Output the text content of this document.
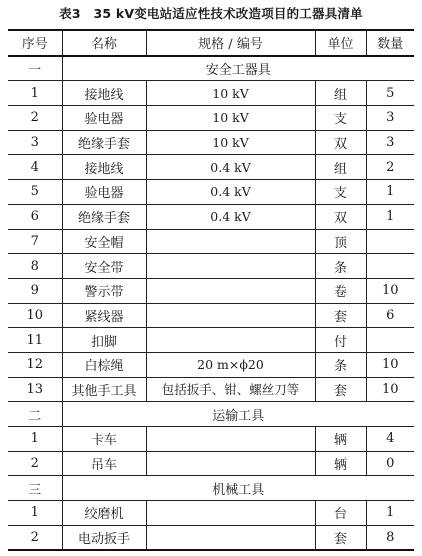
表3　35 kV变电站适应性技术改造项目的工器具清单
序号	名称	规格 / 编号	单位	数量
一	安全工器具			
1	接地线	10 kV	组	5
2	验电器	10 kV	支	3
3	绝缘手套	10 kV	双	3
4	接地线	0.4 kV	组	2
5	验电器	0.4 kV	支	1
6	绝缘手套	0.4 kV	双	1
7	安全帽		顶	
8	安全带		条	
9	警示带		卷	10
10	紧线器		套	6
11	扣脚		付	
12	白棕绳	20 m×ϕ20	条	10
13	其他手工具	包括扳手、钳、螺丝刀等	套	10
二	运输工具			
1	卡车		辆	4
2	吊车		辆	0
三	机械工具			
1	绞磨机		台	1
2	电动扳手		套	8
